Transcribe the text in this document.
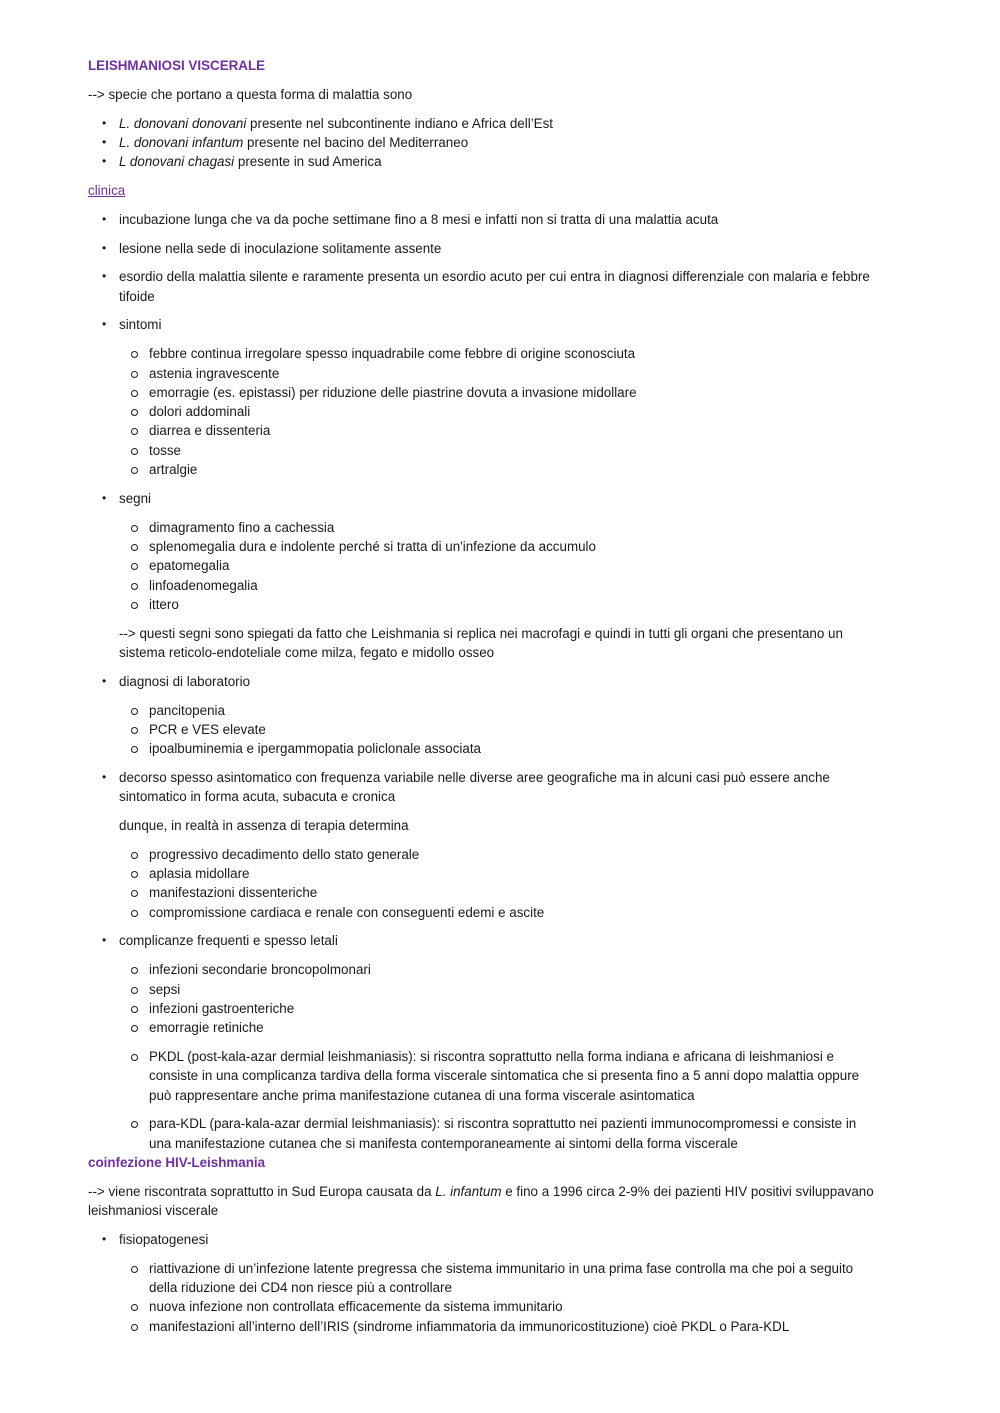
LEISHMANIOSI VISCERALE

--> specie che portano a questa forma di malattia sono

• L. donovani donovani presente nel subcontinente indiano e Africa dell’Est
• L. donovani infantum presente nel bacino del Mediterraneo
• L donovani chagasi presente in sud America
clinica
• incubazione lunga che va da poche settimane fino a 8 mesi e infatti non si tratta di una malattia acuta
• lesione nella sede di inoculazione solitamente assente
• esordio della malattia silente e raramente presenta un esordio acuto per cui entra in diagnosi differenziale con malaria e febbre tifoide
• sintomi
febbre continua irregolare spesso inquadrabile come febbre di origine sconosciuta
astenia ingravescente
emorragie (es. epistassi) per riduzione delle piastrine dovuta a invasione midollare
dolori addominali
diarrea e dissenteria
tosse
artralgie
• segni
dimagramento fino a cachessia
splenomegalia dura e indolente perché si tratta di un'infezione da accumulo
epatomegalia
linfoadenomegalia
ittero
--> questi segni sono spiegati da fatto che Leishmania si replica nei macrofagi e quindi in tutti gli organi che presentano un sistema reticolo-endoteliale come milza, fegato e midollo osseo
• diagnosi di laboratorio
pancitopenia
PCR e VES elevate
ipoalbuminemia e ipergammopatia policlonale associata
• decorso spesso asintomatico con frequenza variabile nelle diverse aree geografiche ma in alcuni casi può essere anche sintomatico in forma acuta, subacuta e cronica
dunque, in realtà in assenza di terapia determina
progressivo decadimento dello stato generale
aplasia midollare
manifestazioni dissenteriche
compromissione cardiaca e renale con conseguenti edemi e ascite
• complicanze frequenti e spesso letali
infezioni secondarie broncopolmonari
sepsi
infezioni gastroenteriche
emorragie retiniche
PKDL (post-kala-azar dermial leishmaniasis): si riscontra soprattutto nella forma indiana e africana di leishmaniosi e consiste in una complicanza tardiva della forma viscerale sintomatica che si presenta fino a 5 anni dopo malattia oppure può rappresentare anche prima manifestazione cutanea di una forma viscerale asintomatica
para-KDL (para-kala-azar dermial leishmaniasis): si riscontra soprattutto nei pazienti immunocompromessi e consiste in una manifestazione cutanea che si manifesta contemporaneamente ai sintomi della forma viscerale
coinfezione HIV-Leishmania

--> viene riscontrata soprattutto in Sud Europa causata da L. infantum e fino a 1996 circa 2-9% dei pazienti HIV positivi sviluppavano leishmaniosi viscerale

• fisiopatogenesi
riattivazione di un’infezione latente pregressa che sistema immunitario in una prima fase controlla ma che poi a seguito della riduzione dei CD4 non riesce più a controllare
nuova infezione non controllata efficacemente da sistema immunitario
manifestazioni all’interno dell’IRIS (sindrome infiammatoria da immunoricostituzione) cioè PKDL o Para-KDL
